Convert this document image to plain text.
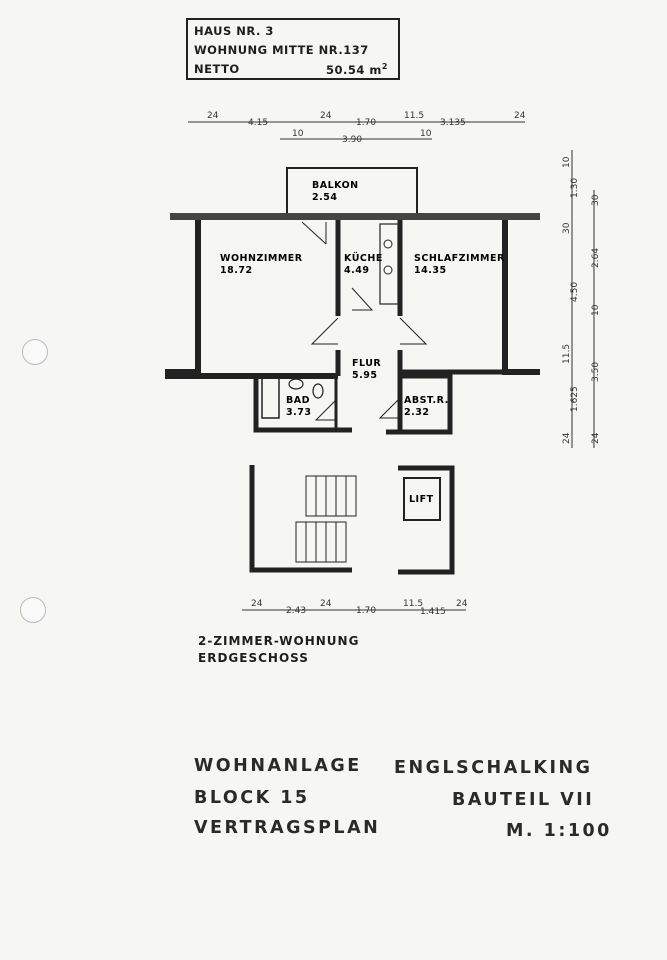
HAUS NR. 3
WOHNUNG MITTE NR.137
NETTO	50.54 $m^2$
BALKON
2.54
WOHNZIMMER
18.72
KÜCHE
4.49
SCHLAFZIMMER
14.35
FLUR
5.95
BAD
3.73
ABST.R.
2.32
LIFT
24
4.15
24
1.70
11.5
3.135
24
10
3.90
10
24
2.43
24
1.70
11.5
1.415
24
10
1.30
30
30
2.64
4.50
10
11.5
3.50
1.625
24 24
2-ZIMMER-WOHNUNG
ERDGESCHOSS
WOHNANLAGE ENGLSCHALKING
BLOCK 15	BAUTEIL VII
VERTRAGSPLAN	M. 1:100
